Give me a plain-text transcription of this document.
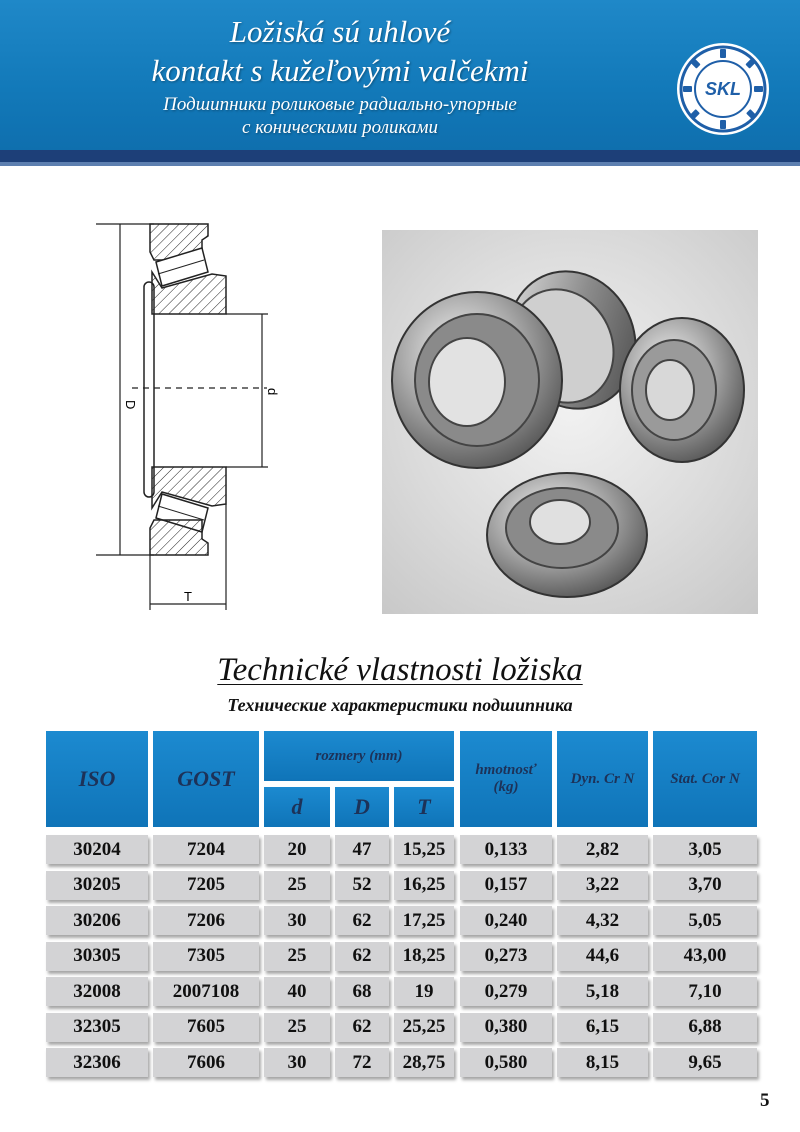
Ložiská sú uhlové
kontakt s kužeľovými valčekmi
Подшипники роликовые радиально-упорные
с коническими роликами
SKL
D
d
T
Technické vlastnosti ložiska
Технические характеристики подшипника
ISO	GOST
rozmery (mm)
d	D	T
hmotnosť (kg)
Dyn. Cr N	Stat. Cor N
30204	7204	20	47	15,25	0,133	2,82	3,05
30205	7205	25	52	16,25	0,157	3,22	3,70
30206	7206	30	62	17,25	0,240	4,32	5,05
30305	7305	25	62	18,25	0,273	44,6	43,00
32008	2007108	40	68	19	0,279	5,18	7,10
32305	7605	25	62	25,25	0,380	6,15	6,88
32306	7606	30	72	28,75	0,580	8,15	9,65
5
